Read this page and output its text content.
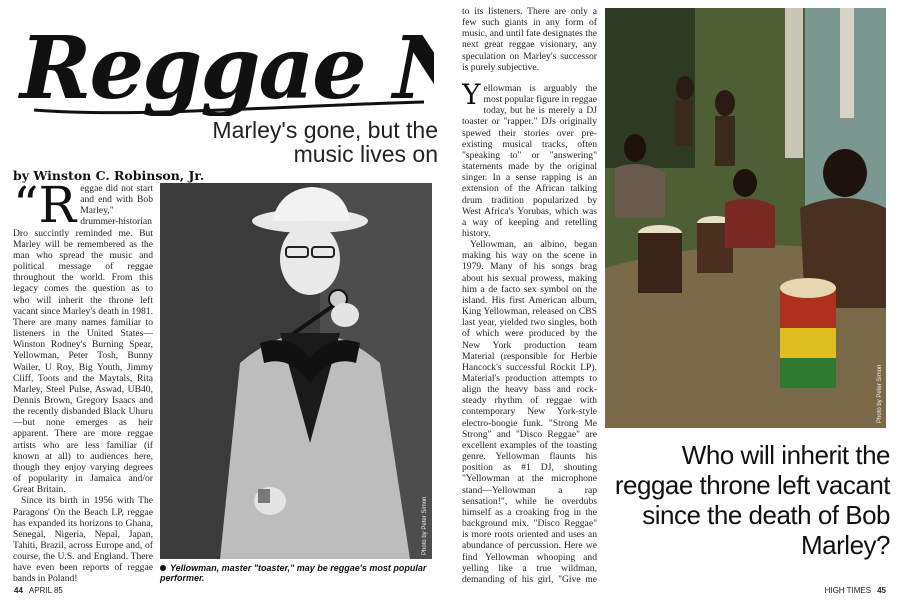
Reggae
Marley's gone, but the music lives on
by Winston C. Robinson, Jr.
“R eggae did not start and end with Bob Marley," drummer-historian Dro succintly reminded me. But Marley will be remembered as the man who spread the music and political message of reggae throughout the world. From this legacy comes the question as to who will inherit the throne left vacant since Marley's death in 1981. There are many names familiar to listeners in the United States—Winston Rodney's Burning Spear, Yellowman, Peter Tosh, Bunny Wailer, U Roy, Big Youth, Jimmy Cliff, Toots and the Maytals, Rita Marley, Steel Pulse, Aswad, UB40, Dennis Brown, Gregory Isaacs and the recently disbanded Black Uhuru—but none emerges as heir apparent. There are more reggae artists who are less familiar (if known at all) to audiences here, though they enjoy varying degrees of popularity in Jamaica and/or Great Britain.

Since its birth in 1956 with The Paragons' On the Beach LP, reggae has expanded its horizons to Ghana, Senegal, Nigeria, Nepal, Japan, Tahiti, Brazil, across Europe and, of course, the U.S. and England. There have even been reports of reggae bands in Poland!

Photo by Peter Simon
Yellowman, master "toaster," may be reggae's most popular performer.

to its listeners. There are only a few such giants in any form of music, and until fate designates the next great reggae visionary, any speculation on Marley's successor is purely subjective.

Y ellowman is arguably the most popular figure in reggae today, but he is merely a DJ toaster or "rapper." DJs originally spewed their stories over pre-existing musical tracks, often "speaking to" or "answering" statements made by the original singer. In a sense rapping is an extension of the African talking drum tradition popularized by West Africa's Yorubas, which was a way of keeping and retelling history.

Yellowman, an albino, began making his way on the scene in 1979. Many of his songs brag about his sexual prowess, making him a de facto sex symbol on the island. His first American album, King Yellowman, released on CBS last year, yielded two singles, both of which were produced by the New York production team Material (responsible for Herbie Hancock's successful Rockit LP). Material's production attempts to align the heavy bass and rock-steady rhythm of reggae with contemporary New York-style electro-boogie funk. "Strong Me Strong" and "Disco Reggae" are excellent examples of the toasting genre. Yellowman flaunts his position as #1 DJ, shouting "Yellowman at the microphone stand—Yellowman a rap sensation!", while he overdubs himself as a croaking frog in the background mix. "Disco Reggae" is more roots oriented and uses an abundance of percussion. Here we find Yellowman whooping and yelling like a true wildman, demanding of his girl, "Give me

Photo by Peter Simon
Who will inherit the reggae throne left vacant since the death of Bob Marley?
44 APRIL 85	HIGH TIMES 45
